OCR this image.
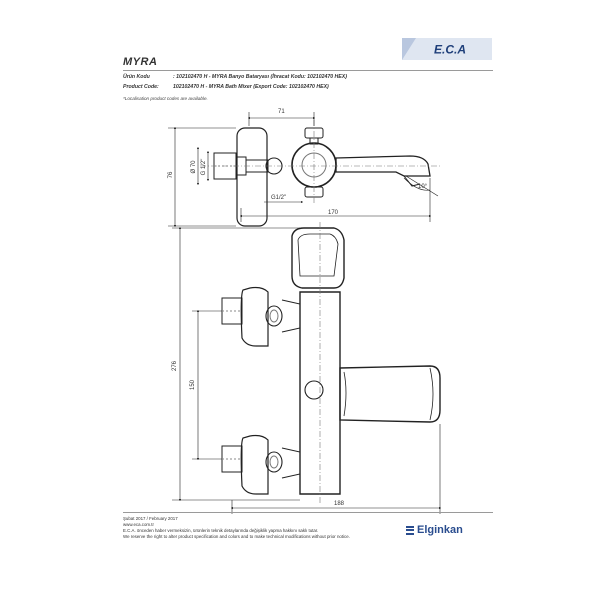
E.C.A
MYRA
Ürün Kodu	: 102102470 H - MYRA Banyo Bataryası (İhracat Kodu: 102102470 HEX)
Product Code:	102102470 H - MYRA Bath Mixer (Export Code: 102102470 HEX)
*Localisation product codes are available.
71
76
Ø 70 G 1/2"
G1/2"
170
10°
276
150
188
Şubat 2017 / February 2017
www.eca.com.tr
E.C.A. önceden haber vermeksizin, ürünlerin teknik detaylarında değişiklik yapma hakkını saklı tutar.
We reserve the right to alter product specification and colors and to make technical modifications without prior notice.
Elginkan
